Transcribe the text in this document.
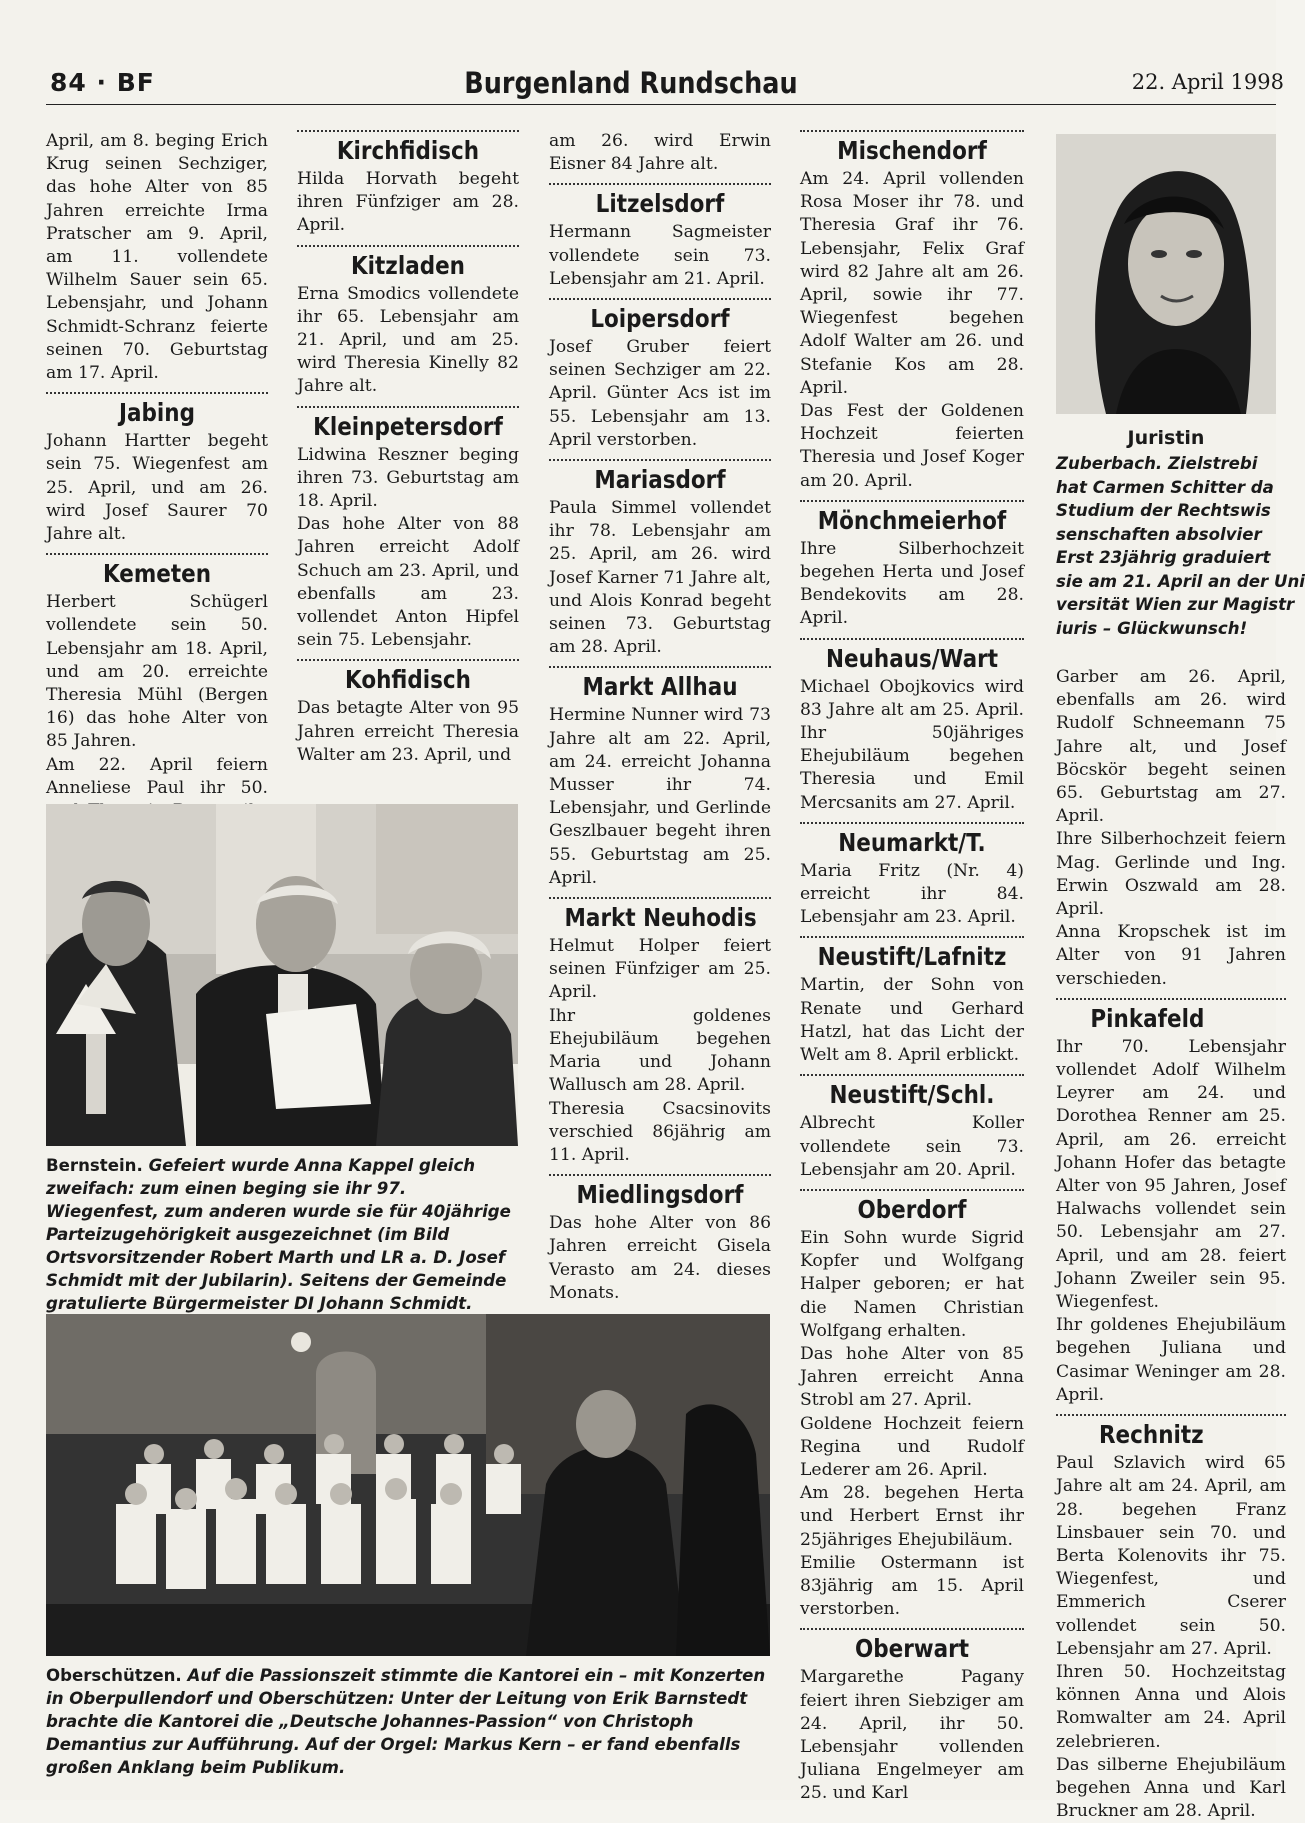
84 · BF	Burgenland Rundschau	22. April 1998

April, am 8. beging Erich Krug seinen Sechziger, das hohe Alter von 85 Jahren erreichte Irma Pratscher am 9. April, am 11. vollendete Wilhelm Sauer sein 65. Lebensjahr, und Johann Schmidt-Schranz feierte seinen 70. Geburtstag am 17. April.

Jabing

Johann Hartter begeht sein 75. Wiegenfest am 25. April, und am 26. wird Josef Saurer 70 Jahre alt.

Kemeten

Herbert Schügerl vollendete sein 50. Lebensjahr am 18. April, und am 20. erreichte Theresia Mühl (Bergen 16) das hohe Alter von 85 Jahren.

Am 22. April feiern Anneliese Paul ihr 50.

Kirchfidisch

Hilda Horvath begeht ihren Fünfziger am 28. April.

Kitzladen

Erna Smodics vollendete ihr 65. Lebensjahr am 21. April, und am 25. wird Theresia Kinelly 82 Jahre alt.

Kleinpetersdorf

Lidwina Reszner beging ihren 73. Geburtstag am 18. April.

Das hohe Alter von 88 Jahren erreicht Adolf Schuch am 23. April, und ebenfalls am 23. vollendet Anton Hipfel sein 75. Lebensjahr.

Kohfidisch

Das betagte Alter von 95 Jahren erreicht Theresia Walter am 23. April, und

am 26. wird Erwin Eisner 84 Jahre alt.

Litzelsdorf

Hermann Sagmeister vollendete sein 73. Lebensjahr am 21. April.

Loipersdorf

Josef Gruber feiert seinen Sechziger am 22. April. Günter Acs ist im 55. Lebensjahr am 13. April verstorben.

Mariasdorf

Paula Simmel vollendet ihr 78. Lebensjahr am 25. April, am 26. wird Josef Karner 71 Jahre alt, und Alois Konrad begeht seinen 73. Geburtstag am 28. April.

Markt Allhau

Hermine Nunner wird 73 Jahre alt am 22. April, am 24. erreicht Johanna Musser ihr 74. Lebensjahr, und Gerlinde Geszlbauer begeht ihren 55. Geburtstag am 25. April.

Markt Neuhodis

Helmut Holper feiert seinen Fünfziger am 25. April.

Ihr goldenes Ehejubiläum begehen Maria und Johann Wallusch am 28. April.

Theresia Csacsinovits verschied 86jährig am 11. April.

Miedlingsdorf

Das hohe Alter von 86 Jahren erreicht Gisela Verasto am 24. dieses Monats.

Mischendorf

Am 24. April vollenden Rosa Moser ihr 78. und Theresia Graf ihr 76. Lebensjahr, Felix Graf wird 82 Jahre alt am 26. April, sowie ihr 77. Wiegenfest begehen Adolf Walter am 26. und Stefanie Kos am 28. April.

Das Fest der Goldenen Hochzeit feierten Theresia und Josef Koger am 20. April.

Mönchmeierhof

Ihre Silberhochzeit begehen Herta und Josef Bendekovits am 28. April.

Neuhaus/Wart

Michael Obojkovics wird 83 Jahre alt am 25. April. Ihr 50jähriges Ehejubiläum begehen Theresia und Emil Mercsanits am 27. April.

Neumarkt/T.

Maria Fritz (Nr. 4) erreicht ihr 84. Lebensjahr am 23. April.

Neustift/Lafnitz

Martin, der Sohn von Renate und Gerhard Hatzl, hat das Licht der Welt am 8. April erblickt.

Neustift/Schl.

Albrecht Koller vollendete sein 73. Lebensjahr am 20. April.

Oberdorf

Ein Sohn wurde Sigrid Kopfer und Wolfgang Halper geboren; er hat die Namen Christian Wolfgang erhalten.

Das hohe Alter von 85 Jahren erreicht Anna Strobl am 27. April.

Goldene Hochzeit feiern Regina und Rudolf Lederer am 26. April.

Am 28. begehen Herta und Herbert Ernst ihr 25jähriges Ehejubiläum.

Emilie Ostermann ist 83jährig am 15. April verstorben.

Oberwart

Margarethe Pagany feiert ihren Siebziger am 24. April, ihr 50. Lebensjahr vollenden Juliana Engelmeyer am 25. und Karl

Juristin
Zuberbach. Zielstrebi
hat Carmen Schitter da
Studium der Rechtswis
senschaften absolvier
Erst 23jährig graduiert
sie am 21. April an der Uni
versität Wien zur Magistr
iuris – Glückwunsch!

Garber am 26. April, ebenfalls am 26. wird Rudolf Schneemann 75 Jahre alt, und Josef Böcskör begeht seinen 65. Geburtstag am 27. April.

Ihre Silberhochzeit feiern Mag. Gerlinde und Ing. Erwin Oszwald am 28. April.

Anna Kropschek ist im Alter von 91 Jahren verschieden.

Pinkafeld

Ihr 70. Lebensjahr vollendet Adolf Wilhelm Leyrer am 24. und Dorothea Renner am 25. April, am 26. erreicht Johann Hofer das betagte Alter von 95 Jahren, Josef Halwachs vollendet sein 50. Lebensjahr am 27. April, und am 28. feiert Johann Zweiler sein 95. Wiegenfest.

Ihr goldenes Ehejubiläum begehen Juliana und Casimar Weninger am 28. April.

Rechnitz

Paul Szlavich wird 65 Jahre alt am 24. April, am 28. begehen Franz Linsbauer sein 70. und Berta Kolenovits ihr 75. Wiegenfest, und Emmerich Cserer vollendet sein 50. Lebensjahr am 27. April.

Ihren 50. Hochzeitstag können Anna und Alois Romwalter am 24. April zelebrieren.

Das silberne Ehejubiläum begehen Anna und Karl Bruckner am 28. April.

Bernstein. Gefeiert wurde Anna Kappel gleich zweifach: zum einen beging sie ihr 97. Wiegenfest, zum anderen wurde sie für 40jährige Parteizugehörigkeit ausgezeichnet (im Bild Ortsvorsitzender Robert Marth und LR a. D. Josef Schmidt mit der Jubilarin). Seitens der Gemeinde gratulierte Bürgermeister DI Johann Schmidt.
Oberschützen. Auf die Passionszeit stimmte die Kantorei ein – mit Konzerten in Oberpullendorf und Oberschützen: Unter der Leitung von Erik Barnstedt brachte die Kantorei die „Deutsche Johannes-Passion“ von Christoph Demantius zur Aufführung. Auf der Orgel: Markus Kern – er fand ebenfalls großen Anklang beim Publikum.
